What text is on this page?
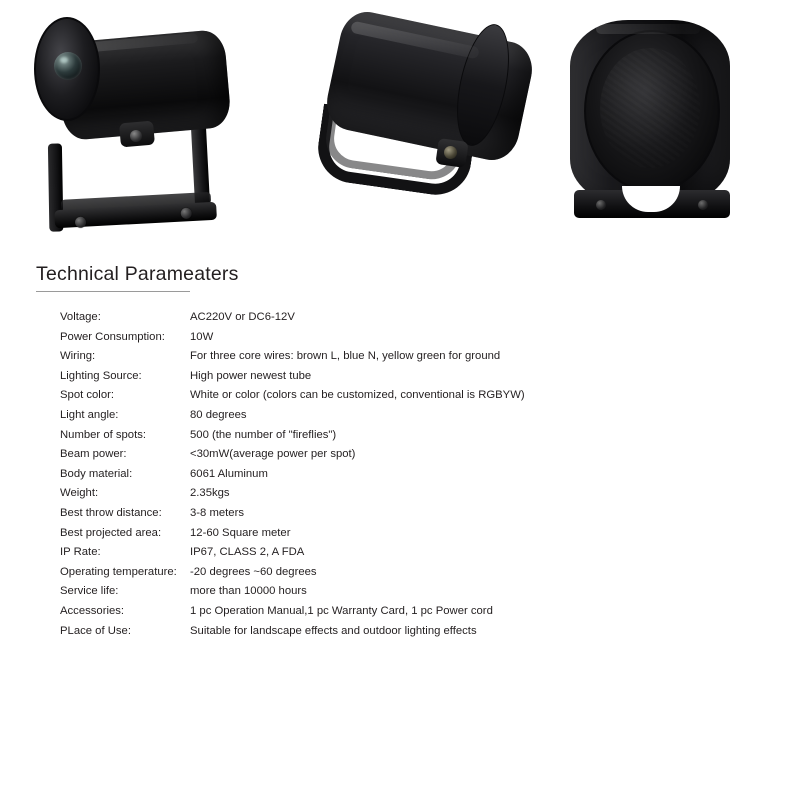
Technical Parameaters
Voltage:	AC220V or DC6-12V
Power Consumption:	10W
Wiring:	For three core wires: brown L, blue N, yellow green for ground
Lighting Source:	High power newest tube
Spot color:	White or color (colors can be customized, conventional is RGBYW)
Light angle:	80 degrees
Number of spots:	500 (the number of "fireflies")
Beam power:	<30mW(average power per spot)
Body material:	6061 Aluminum
Weight:	2.35kgs
Best throw distance:	3-8 meters
Best projected area:	12-60 Square meter
IP Rate:	IP67, CLASS 2, A FDA
Operating temperature:	-20 degrees ~60 degrees
Service life:	more than 10000 hours
Accessories:	1 pc Operation Manual,1 pc Warranty Card, 1 pc Power cord
PLace of Use:	Suitable for landscape effects and outdoor lighting effects
